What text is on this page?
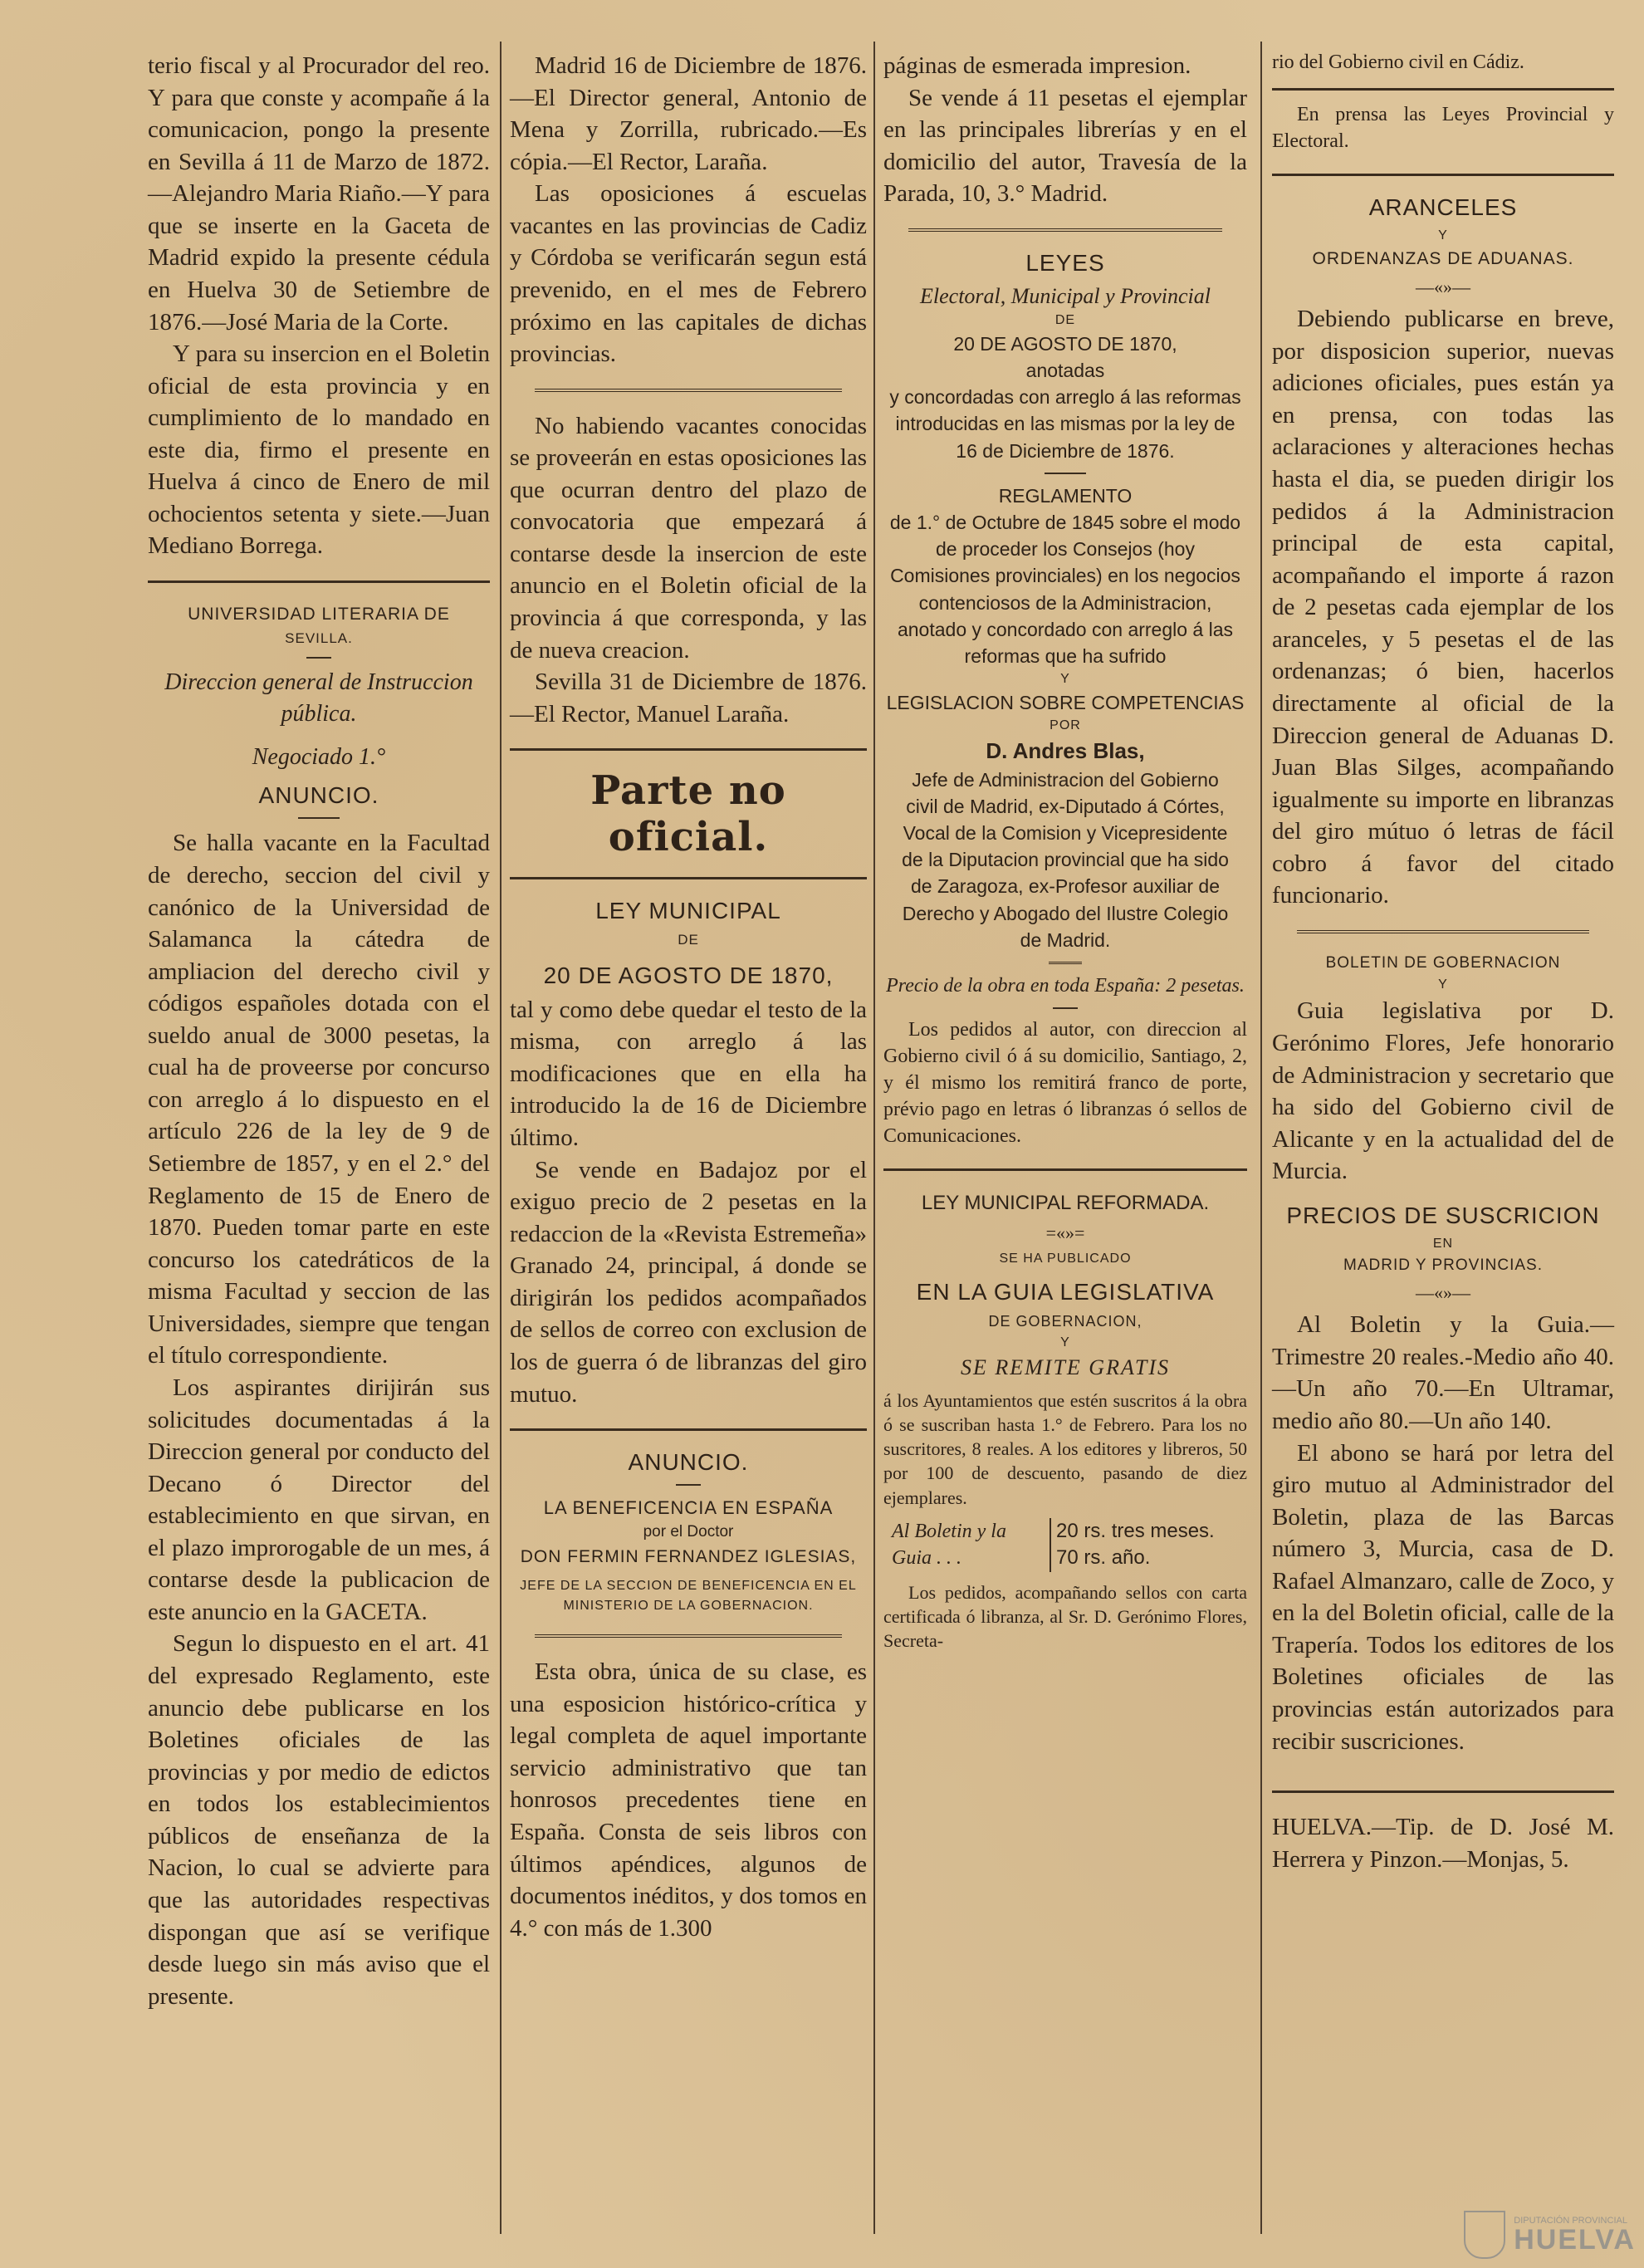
terio fiscal y al Procurador del reo. Y para que conste y acompañe á la comunicacion, pongo la presente en Sevilla á 11 de Marzo de 1872.—Alejandro Maria Riaño.—Y para que se inserte en la Gaceta de Madrid expido la presente cédula en Huelva 30 de Setiembre de 1876.—José Maria de la Corte.

Y para su insercion en el Boletin oficial de esta provincia y en cumplimiento de lo mandado en este dia, firmo el presente en Huelva á cinco de Enero de mil ochocientos setenta y siete.—Juan Mediano Borrega.

UNIVERSIDAD LITERARIA DE
SEVILLA.
Direccion general de Instruccion pública.
Negociado 1.°
ANUNCIO.

Se halla vacante en la Facultad de derecho, seccion del civil y canónico de la Universidad de Salamanca la cátedra de ampliacion del derecho civil y códigos españoles dotada con el sueldo anual de 3000 pesetas, la cual ha de proveerse por concurso con arreglo á lo dispuesto en el artículo 226 de la ley de 9 de Setiembre de 1857, y en el 2.° del Reglamento de 15 de Enero de 1870. Pueden tomar parte en este concurso los catedráticos de la misma Facultad y seccion de las Universidades, siempre que tengan el título correspondiente.

Los aspirantes dirijirán sus solicitudes documentadas á la Direccion general por conducto del Decano ó Director del establecimiento en que sirvan, en el plazo improrogable de un mes, á contarse desde la publicacion de este anuncio en la GACETA.

Segun lo dispuesto en el art. 41 del expresado Reglamento, este anuncio debe publicarse en los Boletines oficiales de las provincias y por medio de edictos en todos los establecimientos públicos de enseñanza de la Nacion, lo cual se advierte para que las autoridades respectivas dispongan que así se verifique desde luego sin más aviso que el presente.

Madrid 16 de Diciembre de 1876.—El Director general, Antonio de Mena y Zorrilla, rubricado.—Es cópia.—El Rector, Laraña.

Las oposiciones á escuelas vacantes en las provincias de Cadiz y Córdoba se verificarán segun está prevenido, en el mes de Febrero próximo en las capitales de dichas provincias.

No habiendo vacantes conocidas se proveerán en estas oposiciones las que ocurran dentro del plazo de convocatoria que empezará á contarse desde la insercion de este anuncio en el Boletin oficial de la provincia á que corresponda, y las de nueva creacion.

Sevilla 31 de Diciembre de 1876.—El Rector, Manuel Laraña.

Parte no oficial.
LEY MUNICIPAL
DE
20 DE AGOSTO DE 1870,

tal y como debe quedar el testo de la misma, con arreglo á las modificaciones que en ella ha introducido la de 16 de Diciembre último.

Se vende en Badajoz por el exiguo precio de 2 pesetas en la redaccion de la «Revista Estremeña» Granado 24, principal, á donde se dirigirán los pedidos acompañados de sellos de correo con exclusion de los de guerra ó de libranzas del giro mutuo.

ANUNCIO.
LA BENEFICENCIA EN ESPAÑA
por el Doctor
DON FERMIN FERNANDEZ IGLESIAS,
JEFE DE LA SECCION DE BENEFICENCIA EN EL MINISTERIO DE LA GOBERNACION.

Esta obra, única de su clase, es una esposicion histórico-crítica y legal completa de aquel importante servicio administrativo que tan honrosos precedentes tiene en España. Consta de seis libros con últimos apéndices, algunos de documentos inéditos, y dos tomos en 4.° con más de 1.300

páginas de esmerada impresion.

Se vende á 11 pesetas el ejemplar en las principales librerías y en el domicilio del autor, Travesía de la Parada, 10, 3.° Madrid.

LEYES
Electoral, Municipal y Provincial
DE
20 DE AGOSTO DE 1870,
anotadas
y concordadas con arreglo á las reformas introducidas en las mismas por la ley de 16 de Diciembre de 1876.
REGLAMENTO
de 1.° de Octubre de 1845 sobre el modo de proceder los Consejos (hoy Comisiones provinciales) en los negocios contenciosos de la Administracion, anotado y concordado con arreglo á las reformas que ha sufrido
Y
LEGISLACION SOBRE COMPETENCIAS
POR
D. Andres Blas,
Jefe de Administracion del Gobierno civil de Madrid, ex-Diputado á Córtes, Vocal de la Comision y Vicepresidente de la Diputacion provincial que ha sido de Zaragoza, ex-Profesor auxiliar de Derecho y Abogado del Ilustre Colegio de Madrid.
Precio de la obra en toda España: 2 pesetas.

Los pedidos al autor, con direccion al Gobierno civil ó á su domicilio, Santiago, 2, y él mismo los remitirá franco de porte, prévio pago en letras ó libranzas ó sellos de Comunicaciones.

LEY MUNICIPAL REFORMADA.
=«»=
SE HA PUBLICADO
EN LA GUIA LEGISLATIVA
DE GOBERNACION,
Y
SE REMITE GRATIS

á los Ayuntamientos que estén suscritos á la obra ó se suscriban hasta 1.° de Febrero. Para los no suscritores, 8 reales. A los editores y libreros, 50 por 100 de descuento, pasando de diez ejemplares.

Al Boletin y la
Guia . . .
20 rs. tres meses.
70 rs. año.

Los pedidos, acompañando sellos con carta certificada ó libranza, al Sr. D. Gerónimo Flores, Secreta-

rio del Gobierno civil en Cádiz.

En prensa las Leyes Provincial y Electoral.

ARANCELES
Y
ORDENANZAS DE ADUANAS.
—«»—

Debiendo publicarse en breve, por disposicion superior, nuevas adiciones oficiales, pues están ya en prensa, con todas las aclaraciones y alteraciones hechas hasta el dia, se pueden dirigir los pedidos á la Administracion principal de esta capital, acompañando el importe á razon de 2 pesetas cada ejemplar de los aranceles, y 5 pesetas el de las ordenanzas; ó bien, hacerlos directamente al oficial de la Direccion general de Aduanas D. Juan Blas Silges, acompañando igualmente su importe en libranzas del giro mútuo ó letras de fácil cobro á favor del citado funcionario.

BOLETIN DE GOBERNACION
Y

Guia legislativa por D. Gerónimo Flores, Jefe honorario de Administracion y secretario que ha sido del Gobierno civil de Alicante y en la actualidad del de Murcia.

PRECIOS DE SUSCRICION
EN
MADRID Y PROVINCIAS.
—«»—

Al Boletin y la Guia.—Trimestre 20 reales.-Medio año 40.—Un año 70.—En Ultramar, medio año 80.—Un año 140.

El abono se hará por letra del giro mutuo al Administrador del Boletin, plaza de las Barcas número 3, Murcia, casa de D. Rafael Almanzaro, calle de Zoco, y en la del Boletin oficial, calle de la Trapería. Todos los editores de los Boletines oficiales de las provincias están autorizados para recibir suscriciones.

HUELVA.—Tip. de D. José M. Herrera y Pinzon.—Monjas, 5.

DIPUTACIÓN PROVINCIAL
HUELVA
